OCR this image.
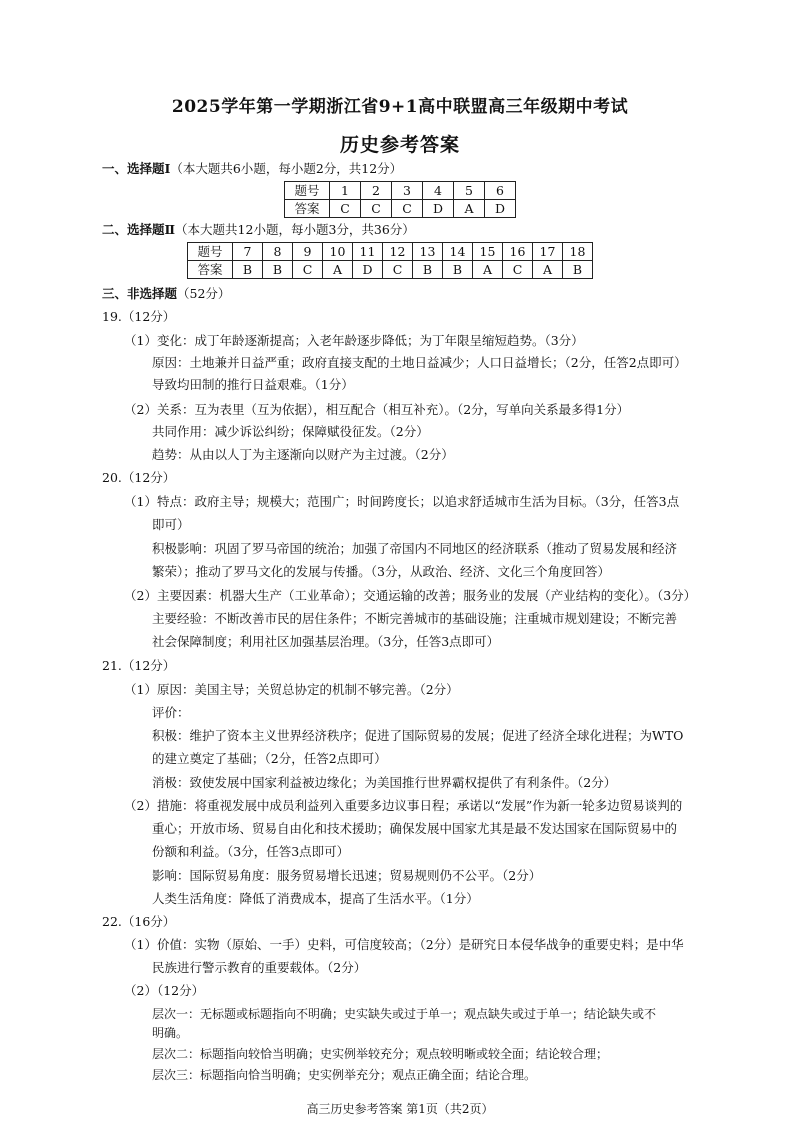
2025学年第一学期浙江省9+1高中联盟高三年级期中考试
历史参考答案
一、选择题Ⅰ（本大题共6小题，每小题2分，共12分）
题号	1	2	3	4	5	6
答案	C	C	C	D	A	D
二、选择题Ⅱ（本大题共12小题，每小题3分，共36分）
题号	7	8	9	10	11	12	13	14	15	16	17	18
答案	B	B	C	A	D	C	B	B	A	C	A	B
三、非选择题（52分）
19.（12分）
（1）变化：成丁年龄逐渐提高；入老年龄逐步降低；为丁年限呈缩短趋势。（3分）
原因：土地兼并日益严重；政府直接支配的土地日益减少；人口日益增长；（2分，任答2点即可）
导致均田制的推行日益艰难。（1分）
（2）关系：互为表里（互为依据），相互配合（相互补充）。（2分，写单向关系最多得1分）
共同作用：减少诉讼纠纷；保障赋役征发。（2分）
趋势：从由以人丁为主逐渐向以财产为主过渡。（2分）
20.（12分）
（1）特点：政府主导；规模大；范围广；时间跨度长；以追求舒适城市生活为目标。（3分，任答3点
即可）
积极影响：巩固了罗马帝国的统治；加强了帝国内不同地区的经济联系（推动了贸易发展和经济
繁荣）；推动了罗马文化的发展与传播。（3分，从政治、经济、文化三个角度回答）
（2）主要因素：机器大生产（工业革命）；交通运输的改善；服务业的发展（产业结构的变化）。（3分）
主要经验：不断改善市民的居住条件；不断完善城市的基础设施；注重城市规划建设；不断完善
社会保障制度；利用社区加强基层治理。（3分，任答3点即可）
21.（12分）
（1）原因：美国主导；关贸总协定的机制不够完善。（2分）
评价：
积极：维护了资本主义世界经济秩序；促进了国际贸易的发展；促进了经济全球化进程；为WTO
的建立奠定了基础；（2分，任答2点即可）
消极：致使发展中国家利益被边缘化；为美国推行世界霸权提供了有利条件。（2分）
（2）措施：将重视发展中成员利益列入重要多边议事日程；承诺以“发展”作为新一轮多边贸易谈判的
重心；开放市场、贸易自由化和技术援助；确保发展中国家尤其是最不发达国家在国际贸易中的
份额和利益。（3分，任答3点即可）
影响：国际贸易角度：服务贸易增长迅速；贸易规则仍不公平。（2分）
人类生活角度：降低了消费成本，提高了生活水平。（1分）
22.（16分）
（1）价值：实物（原始、一手）史料，可信度较高；（2分）是研究日本侵华战争的重要史料；是中华
民族进行警示教育的重要载体。（2分）
（2）（12分）
层次一：无标题或标题指向不明确；史实缺失或过于单一；观点缺失或过于单一；结论缺失或不
明确。
层次二：标题指向较恰当明确；史实例举较充分；观点较明晰或较全面；结论较合理；
层次三：标题指向恰当明确；史实例举充分；观点正确全面；结论合理。
高三历史参考答案 第1页（共2页）
